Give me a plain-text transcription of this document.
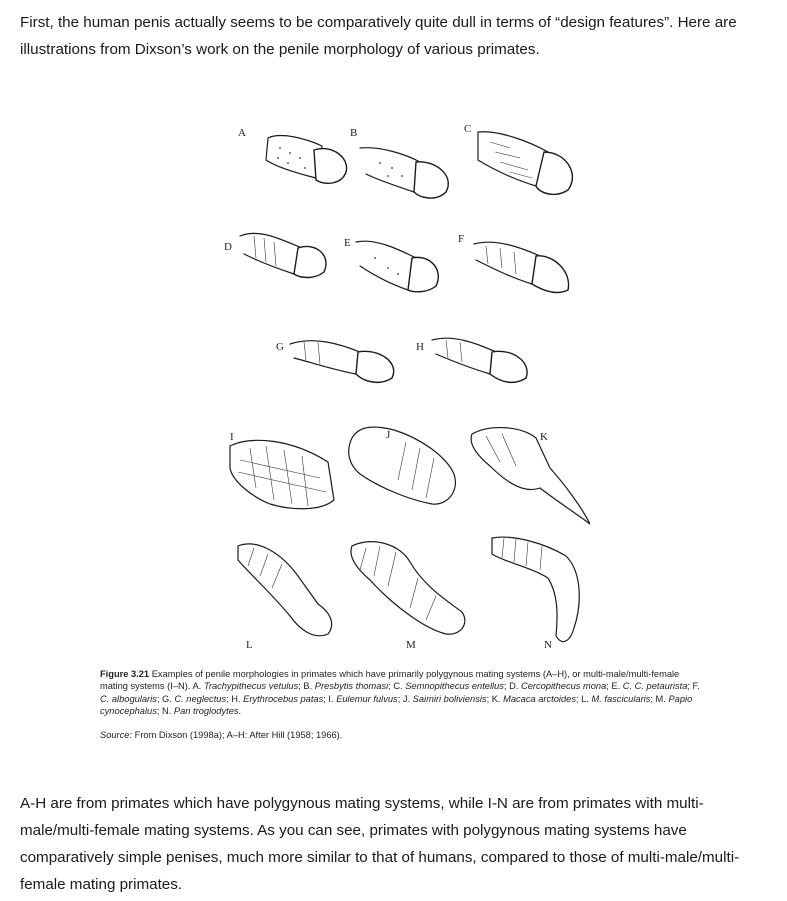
First, the human penis actually seems to be comparatively quite dull in terms of “design features”. Here are illustrations from Dixson’s work on the penile morphology of various primates.

A	B	C
D	E	F
G	H
I	J	K
L	M	N
Figure 3.21 Examples of penile morphologies in primates which have primarily polygynous mating systems (A–H), or multi-male/multi-female mating systems (I–N). A. Trachypithecus vetulus; B. Presbytis thomasi; C. Semnopithecus entellus; D. Cercopithecus mona; E. C. C. petaurista; F. C. albogularis; G. C. neglectus; H. Erythrocebus patas; I. Eulemur fulvus; J. Saimiri boliviensis; K. Macaca arctoides; L. M. fascicularis; M. Papio cynocephalus; N. Pan troglodytes.
Source: From Dixson (1998a); A–H: After Hill (1958; 1966).

A-H are from primates which have polygynous mating systems, while I-N are from primates with multi-male/multi-female mating systems. As you can see, primates with polygynous mating systems have comparatively simple penises, much more similar to that of humans, compared to those of multi-male/multi-female mating primates.
